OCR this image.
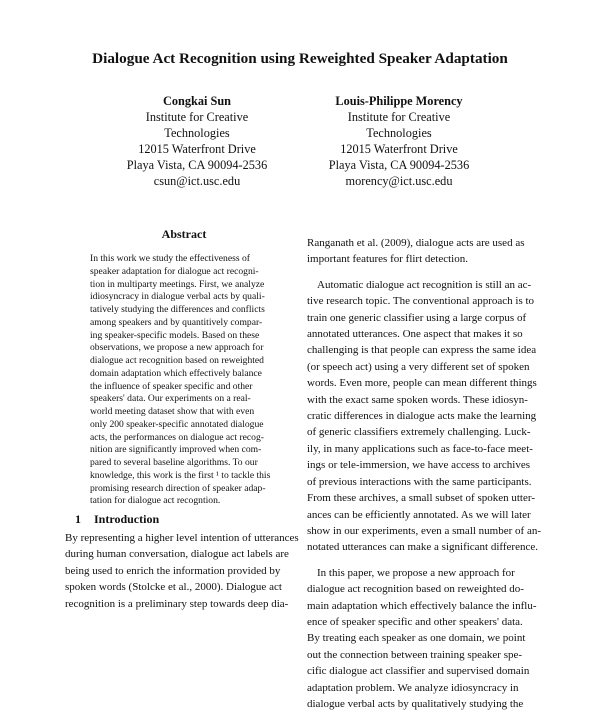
Dialogue Act Recognition using Reweighted Speaker Adaptation
Congkai Sun
Institute for Creative
Technologies
12015 Waterfront Drive
Playa Vista, CA 90094-2536
csun@ict.usc.edu
Louis-Philippe Morency
Institute for Creative
Technologies
12015 Waterfront Drive
Playa Vista, CA 90094-2536
morency@ict.usc.edu
Abstract
In this work we study the effectiveness of
speaker adaptation for dialogue act recogni-
tion in multiparty meetings. First, we analyze
idiosyncracy in dialogue verbal acts by quali-
tatively studying the differences and conflicts
among speakers and by quantitively compar-
ing speaker-specific models. Based on these
observations, we propose a new approach for
dialogue act recognition based on reweighted
domain adaptation which effectively balance
the influence of speaker specific and other
speakers' data. Our experiments on a real-
world meeting dataset show that with even
only 200 speaker-specific annotated dialogue
acts, the performances on dialogue act recog-
nition are significantly improved when com-
pared to several baseline algorithms. To our
knowledge, this work is the first ¹ to tackle this
promising research direction of speaker adap-
tation for dialogue act recogntion.
1 Introduction
By representing a higher level intention of utterances
during human conversation, dialogue act labels are
being used to enrich the information provided by
spoken words (Stolcke et al., 2000). Dialogue act
recognition is a preliminary step towards deep dia-
Ranganath et al. (2009), dialogue acts are used as
important features for flirt detection.
Automatic dialogue act recognition is still an ac-
tive research topic. The conventional approach is to
train one generic classifier using a large corpus of
annotated utterances. One aspect that makes it so
challenging is that people can express the same idea
(or speech act) using a very different set of spoken
words. Even more, people can mean different things
with the exact same spoken words. These idiosyn-
cratic differences in dialogue acts make the learning
of generic classifiers extremely challenging. Luck-
ily, in many applications such as face-to-face meet-
ings or tele-immersion, we have access to archives
of previous interactions with the same participants.
From these archives, a small subset of spoken utter-
ances can be efficiently annotated. As we will later
show in our experiments, even a small number of an-
notated utterances can make a significant difference.
In this paper, we propose a new approach for
dialogue act recognition based on reweighted do-
main adaptation which effectively balance the influ-
ence of speaker specific and other speakers' data.
By treating each speaker as one domain, we point
out the connection between training speaker spe-
cific dialogue act classifier and supervised domain
adaptation problem. We analyze idiosyncracy in
dialogue verbal acts by qualitatively studying the
